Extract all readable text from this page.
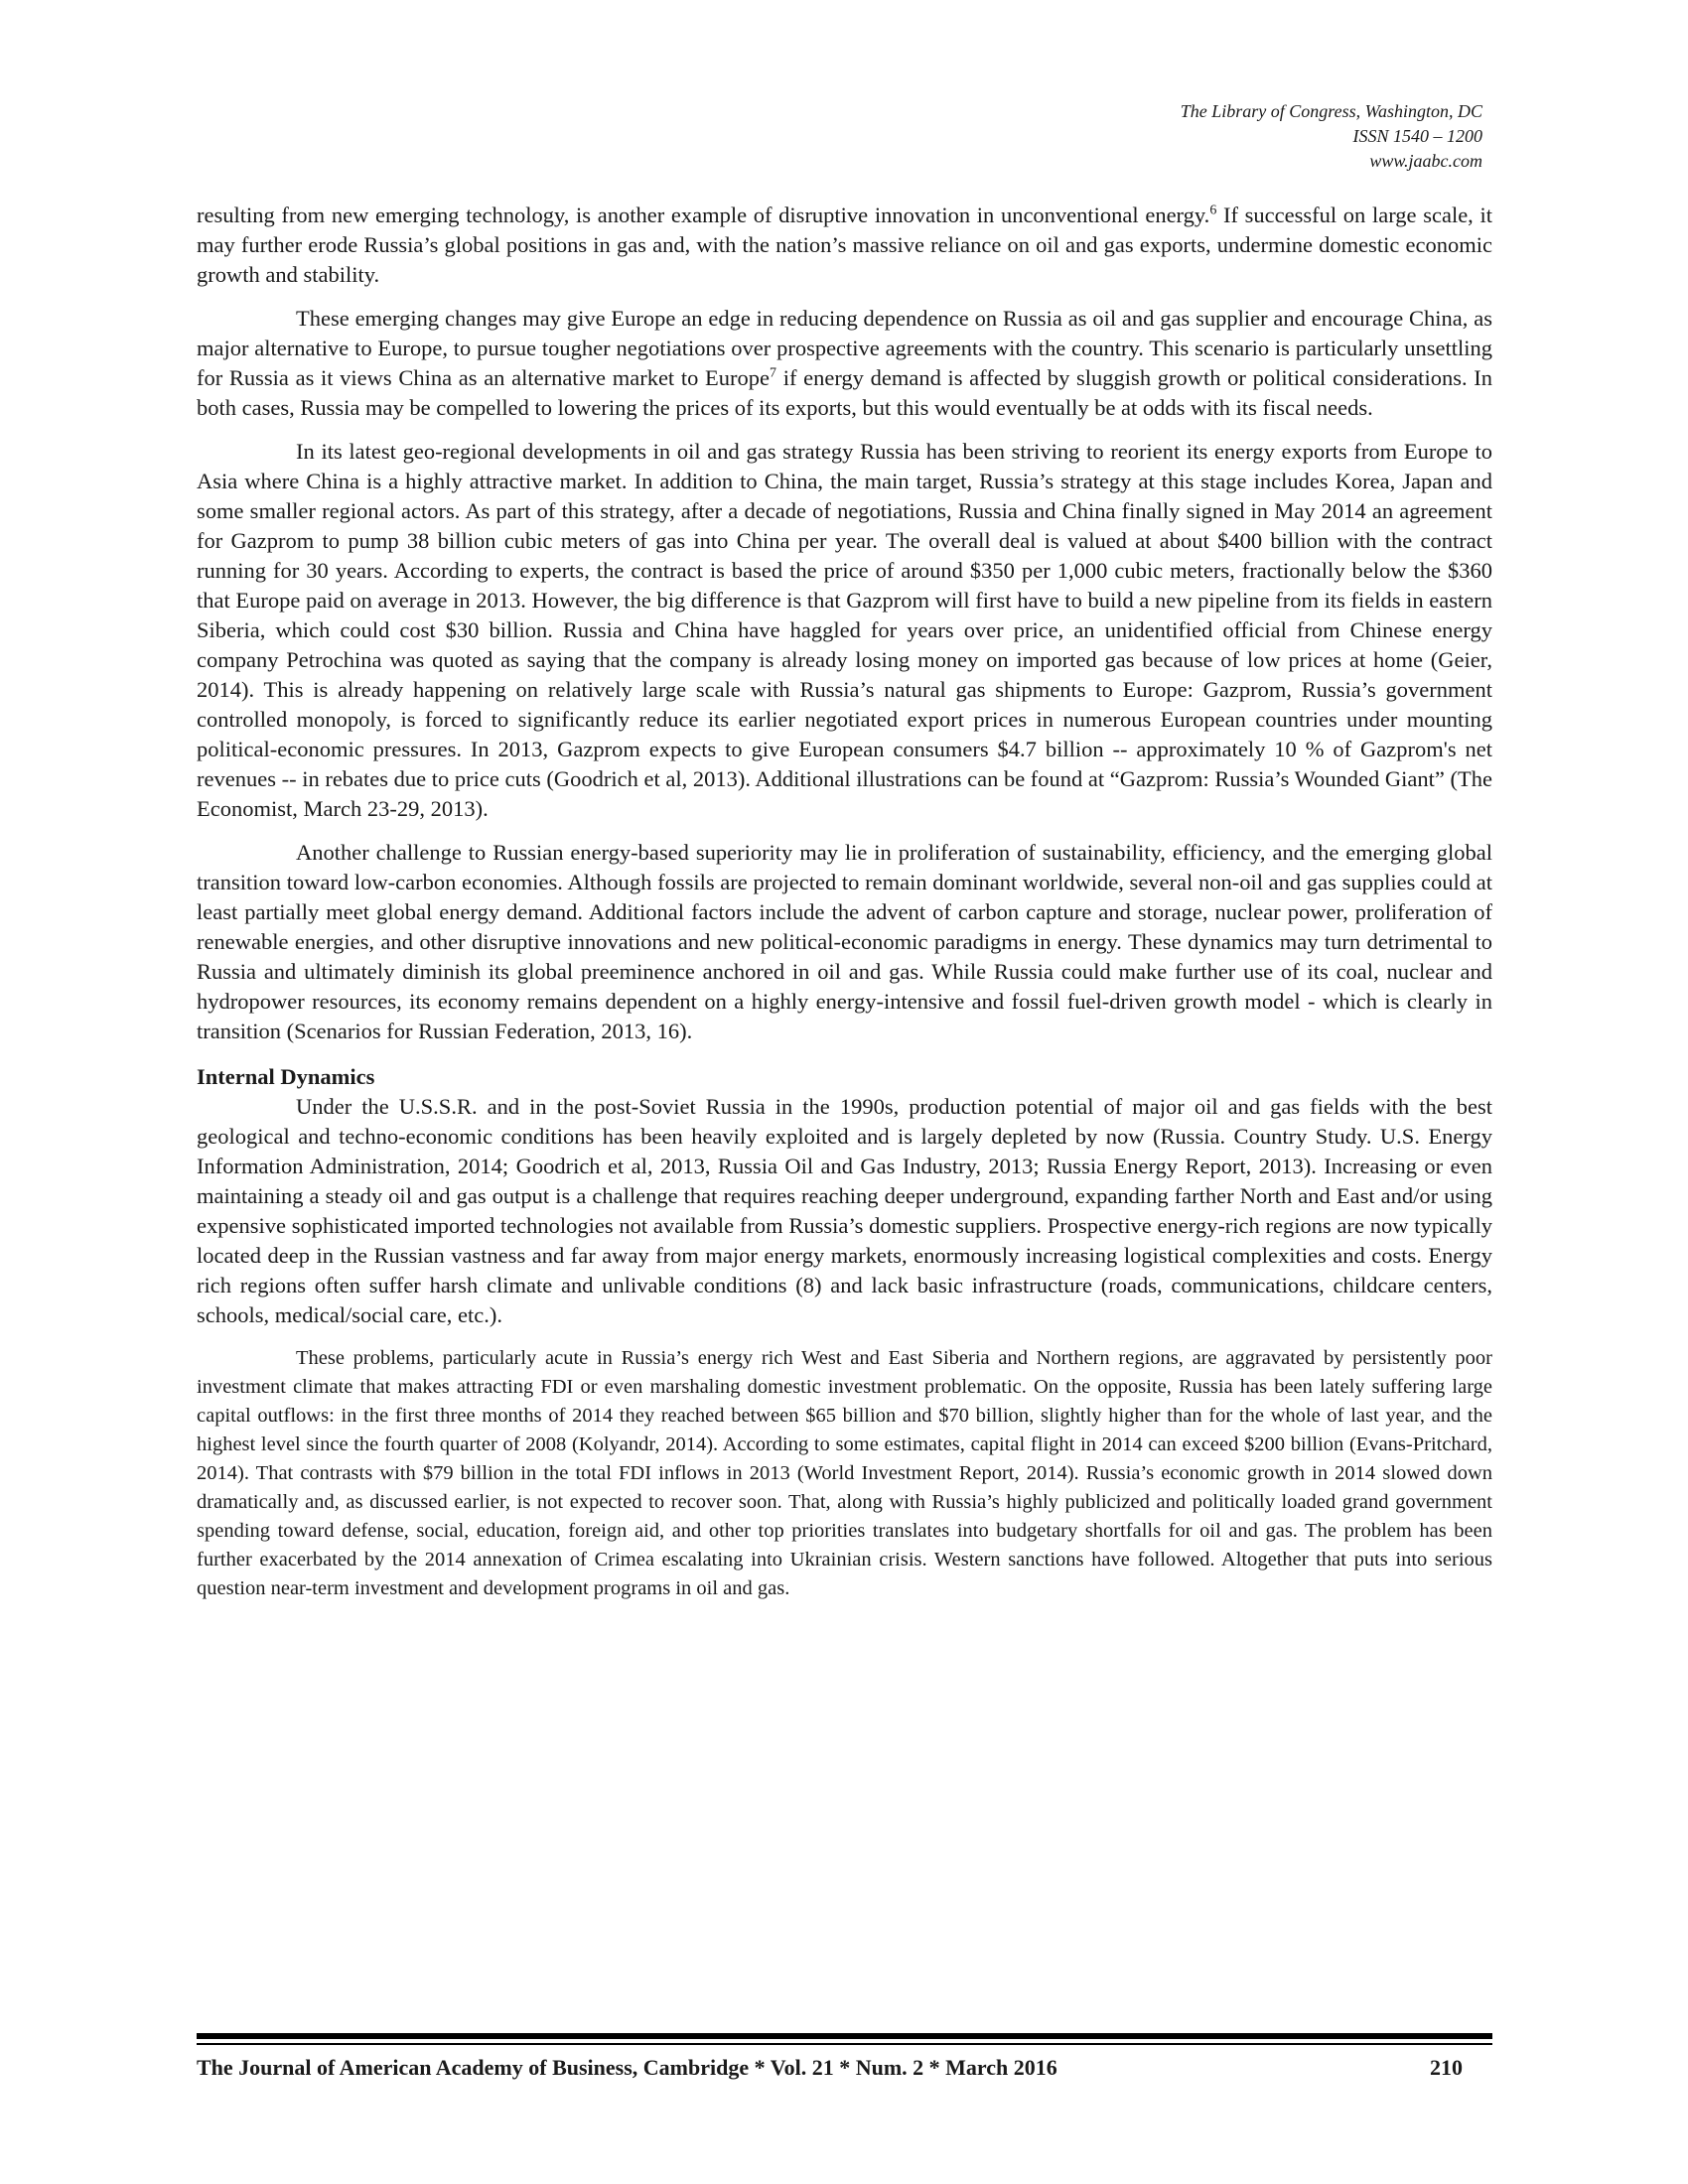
The Library of Congress, Washington, DC
ISSN 1540 – 1200
www.jaabc.com

resulting from new emerging technology, is another example of disruptive innovation in unconventional energy.$^6$ If successful on large scale, it may further erode Russia’s global positions in gas and, with the nation’s massive reliance on oil and gas exports, undermine domestic economic growth and stability.

These emerging changes may give Europe an edge in reducing dependence on Russia as oil and gas supplier and encourage China, as major alternative to Europe, to pursue tougher negotiations over prospective agreements with the country. This scenario is particularly unsettling for Russia as it views China as an alternative market to Europe$^7$ if energy demand is affected by sluggish growth or political considerations. In both cases, Russia may be compelled to lowering the prices of its exports, but this would eventually be at odds with its fiscal needs.

In its latest geo-regional developments in oil and gas strategy Russia has been striving to reorient its energy exports from Europe to Asia where China is a highly attractive market. In addition to China, the main target, Russia’s strategy at this stage includes Korea, Japan and some smaller regional actors. As part of this strategy, after a decade of negotiations, Russia and China finally signed in May 2014 an agreement for Gazprom to pump 38 billion cubic meters of gas into China per year. The overall deal is valued at about $400 billion with the contract running for 30 years. According to experts, the contract is based the price of around $350 per 1,000 cubic meters, fractionally below the $360 that Europe paid on average in 2013. However, the big difference is that Gazprom will first have to build a new pipeline from its fields in eastern Siberia, which could cost $30 billion. Russia and China have haggled for years over price, an unidentified official from Chinese energy company Petrochina was quoted as saying that the company is already losing money on imported gas because of low prices at home (Geier, 2014). This is already happening on relatively large scale with Russia’s natural gas shipments to Europe: Gazprom, Russia’s government controlled monopoly, is forced to significantly reduce its earlier negotiated export prices in numerous European countries under mounting political-economic pressures. In 2013, Gazprom expects to give European consumers $4.7 billion -- approximately 10 % of Gazprom's net revenues -- in rebates due to price cuts (Goodrich et al, 2013). Additional illustrations can be found at “Gazprom: Russia’s Wounded Giant” (The Economist, March 23-29, 2013).

Another challenge to Russian energy-based superiority may lie in proliferation of sustainability, efficiency, and the emerging global transition toward low-carbon economies. Although fossils are projected to remain dominant worldwide, several non-oil and gas supplies could at least partially meet global energy demand. Additional factors include the advent of carbon capture and storage, nuclear power, proliferation of renewable energies, and other disruptive innovations and new political-economic paradigms in energy. These dynamics may turn detrimental to Russia and ultimately diminish its global preeminence anchored in oil and gas. While Russia could make further use of its coal, nuclear and hydropower resources, its economy remains dependent on a highly energy-intensive and fossil fuel-driven growth model - which is clearly in transition (Scenarios for Russian Federation, 2013, 16).

Internal Dynamics

Under the U.S.S.R. and in the post-Soviet Russia in the 1990s, production potential of major oil and gas fields with the best geological and techno-economic conditions has been heavily exploited and is largely depleted by now (Russia. Country Study. U.S. Energy Information Administration, 2014; Goodrich et al, 2013, Russia Oil and Gas Industry, 2013; Russia Energy Report, 2013). Increasing or even maintaining a steady oil and gas output is a challenge that requires reaching deeper underground, expanding farther North and East and/or using expensive sophisticated imported technologies not available from Russia’s domestic suppliers. Prospective energy-rich regions are now typically located deep in the Russian vastness and far away from major energy markets, enormously increasing logistical complexities and costs. Energy rich regions often suffer harsh climate and unlivable conditions (8) and lack basic infrastructure (roads, communications, childcare centers, schools, medical/social care, etc.).

These problems, particularly acute in Russia’s energy rich West and East Siberia and Northern regions, are aggravated by persistently poor investment climate that makes attracting FDI or even marshaling domestic investment problematic. On the opposite, Russia has been lately suffering large capital outflows: in the first three months of 2014 they reached between $65 billion and $70 billion, slightly higher than for the whole of last year, and the highest level since the fourth quarter of 2008 (Kolyandr, 2014). According to some estimates, capital flight in 2014 can exceed $200 billion (Evans-Pritchard, 2014). That contrasts with $79 billion in the total FDI inflows in 2013 (World Investment Report, 2014). Russia’s economic growth in 2014 slowed down dramatically and, as discussed earlier, is not expected to recover soon. That, along with Russia’s highly publicized and politically loaded grand government spending toward defense, social, education, foreign aid, and other top priorities translates into budgetary shortfalls for oil and gas. The problem has been further exacerbated by the 2014 annexation of Crimea escalating into Ukrainian crisis. Western sanctions have followed. Altogether that puts into serious question near-term investment and development programs in oil and gas.

The Journal of American Academy of Business, Cambridge * Vol. 21 * Num. 2 * March 2016	210
